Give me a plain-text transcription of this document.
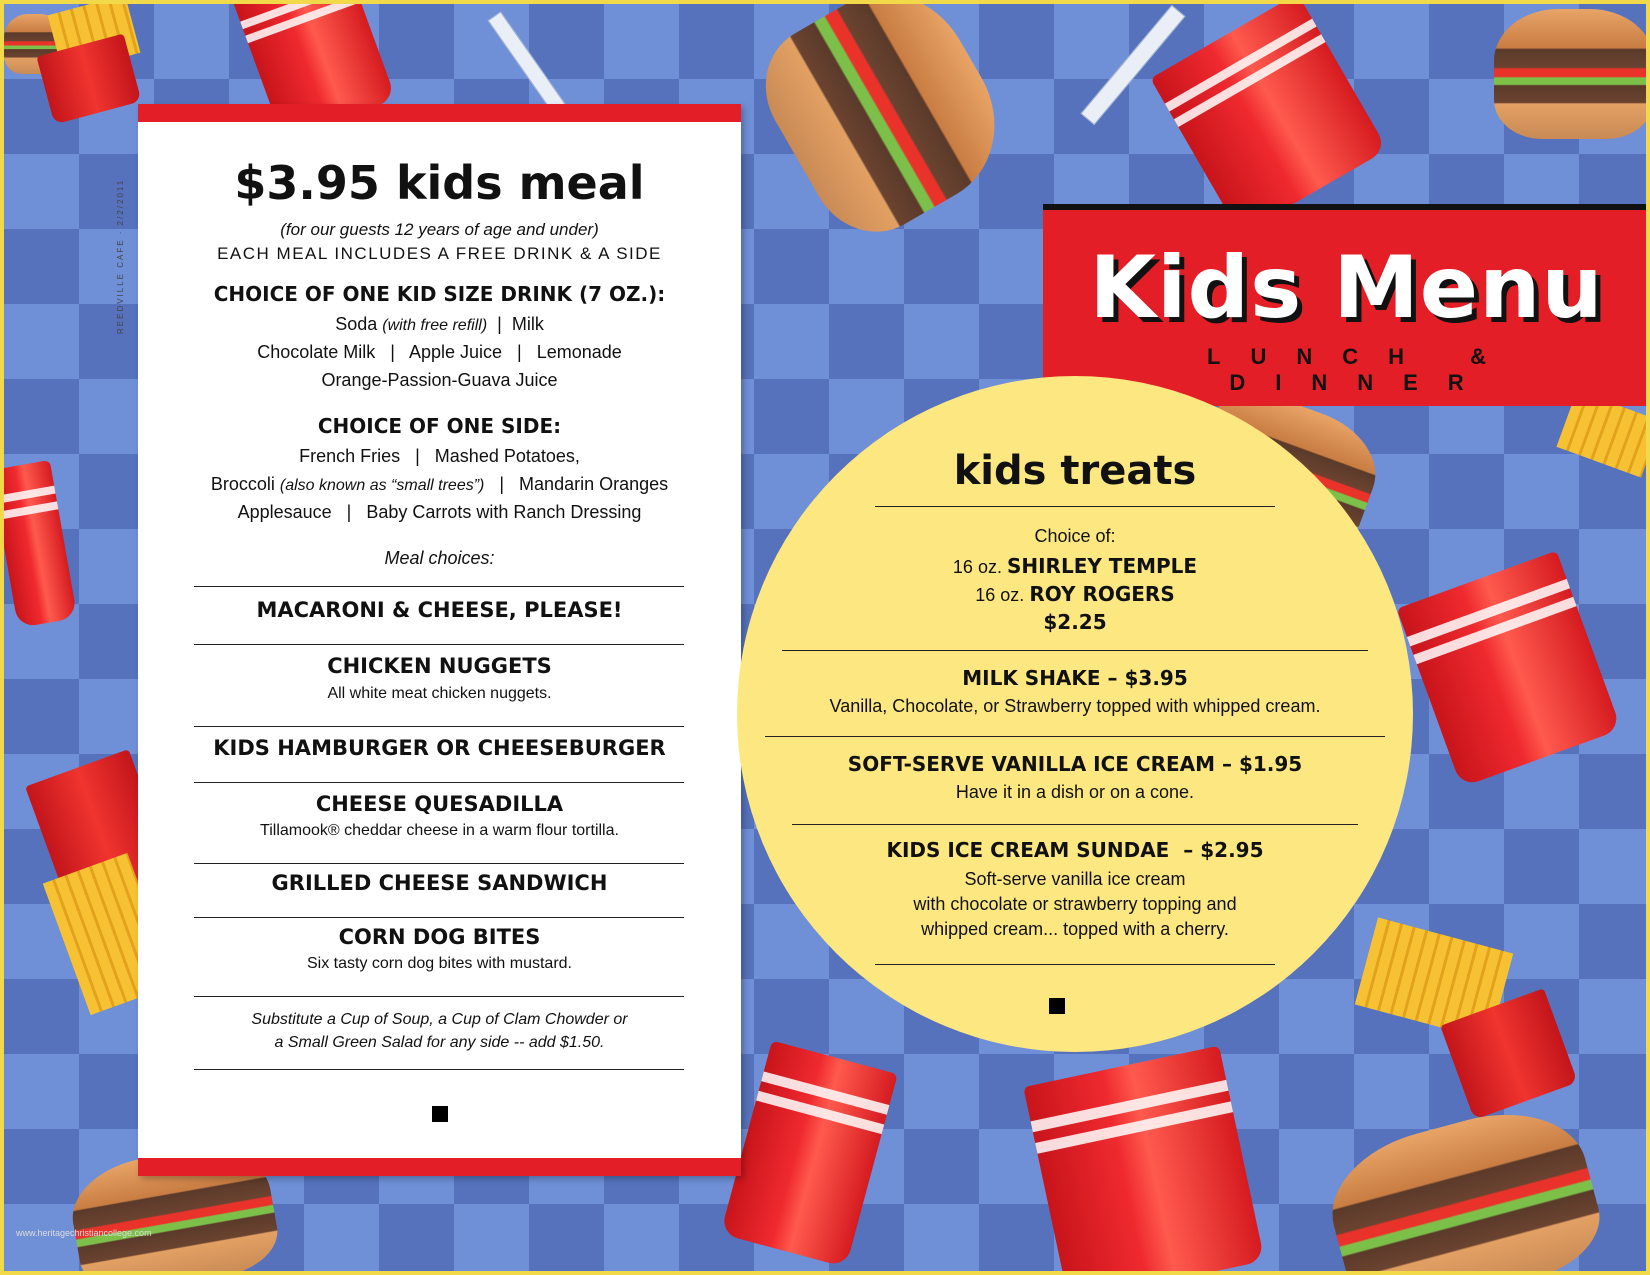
REEDVILLE CAFE · 2/2/2011	$3.95 kids meal
(for our guests 12 years of age and under)
EACH MEAL INCLUDES A FREE DRINK & A SIDE
CHOICE OF ONE KID SIZE DRINK (7 OZ.):
Soda (with free refill)  |  Milk
Chocolate Milk   |   Apple Juice   |   Lemonade
Orange-Passion-Guava Juice
CHOICE OF ONE SIDE:
French Fries   |   Mashed Potatoes,
Broccoli (also known as “small trees”)   |   Mandarin Oranges
Applesauce   |   Baby Carrots with Ranch Dressing
Meal choices:
MACARONI & CHEESE, PLEASE!
CHICKEN NUGGETS
All white meat chicken nuggets.
KIDS HAMBURGER OR CHEESEBURGER
CHEESE QUESADILLA
Tillamook® cheddar cheese in a warm flour tortilla.
GRILLED CHEESE SANDWICH
CORN DOG BITES
Six tasty corn dog bites with mustard.
Substitute a Cup of Soup, a Cup of Clam Chowder or
a Small Green Salad for any side -- add $1.50.
Kids Menu
LUNCH & DINNER
kids treats
Choice of:
16 oz. SHIRLEY TEMPLE
16 oz. ROY ROGERS
$2.25
MILK SHAKE – $3.95
Vanilla, Chocolate, or Strawberry topped with whipped cream.
SOFT-SERVE VANILLA ICE CREAM – $1.95
Have it in a dish or on a cone.
KIDS ICE CREAM SUNDAE  – $2.95
Soft-serve vanilla ice cream
with chocolate or strawberry topping and
whipped cream... topped with a cherry.
www.heritagechristiancollege.com
